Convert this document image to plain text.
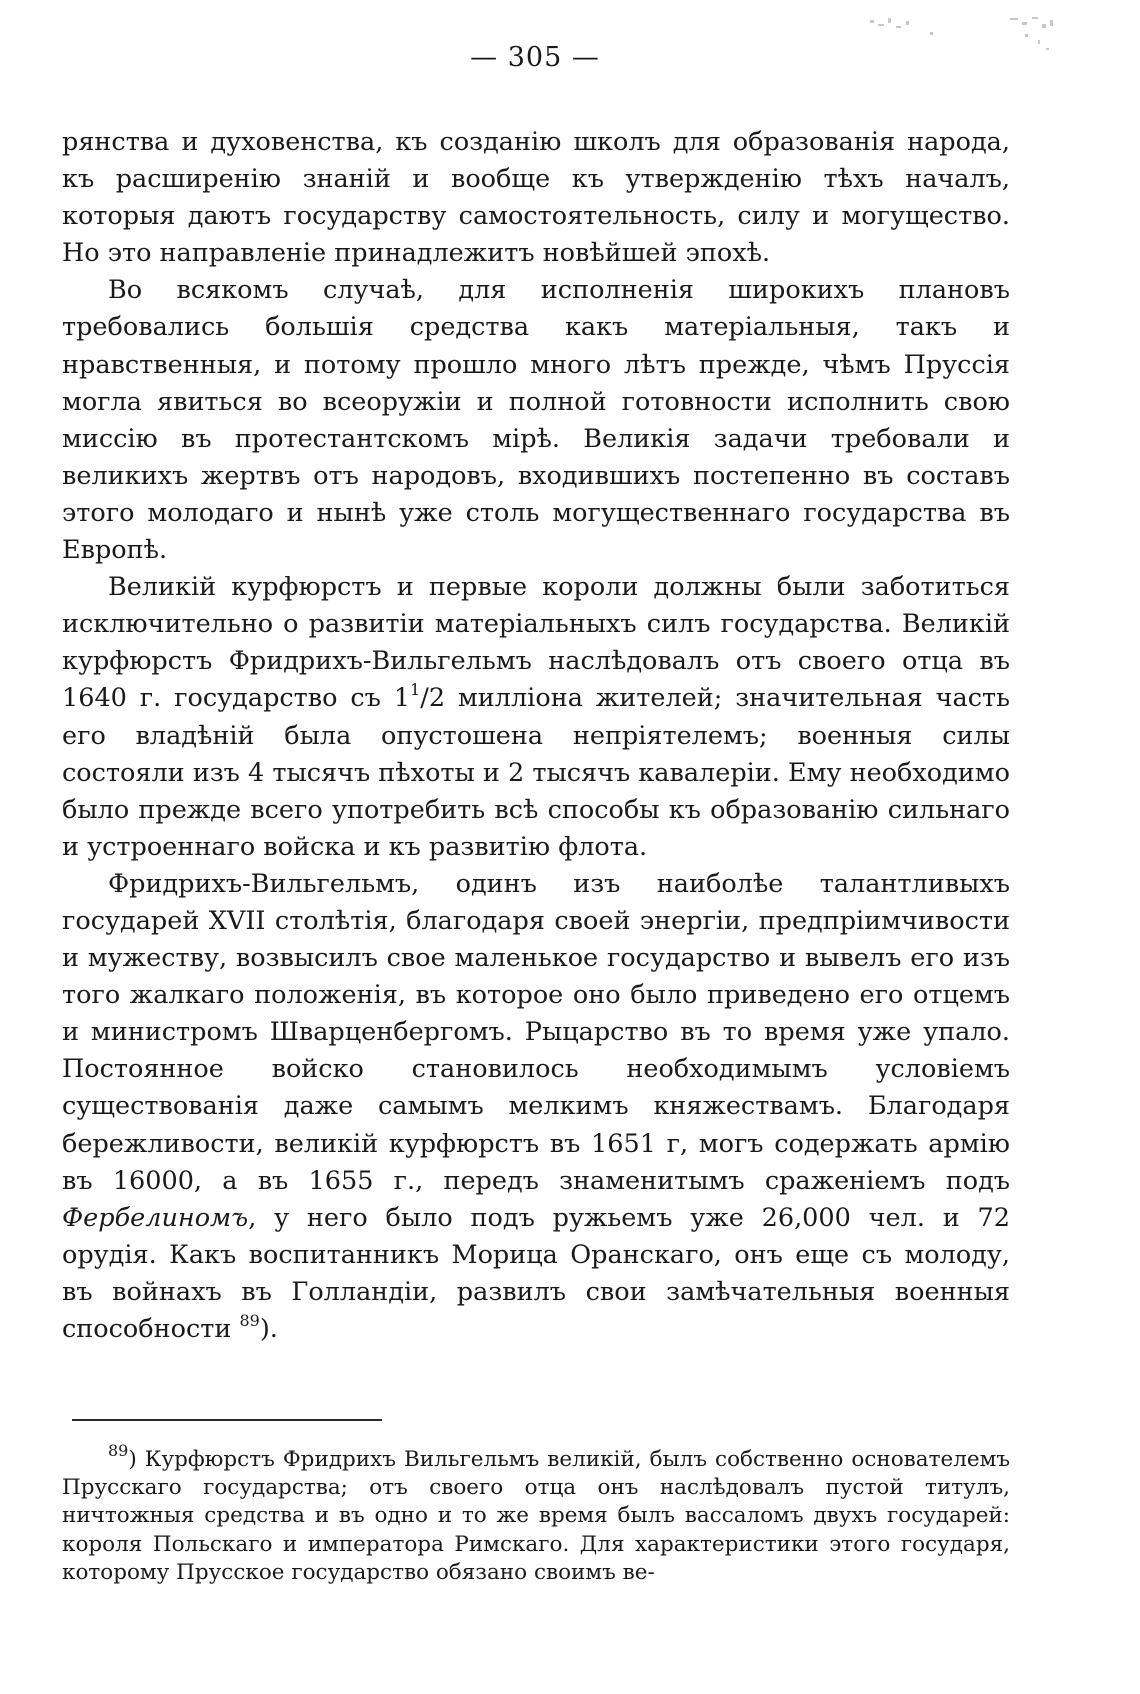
— 305 —

рянства и духовенства, къ созданію школъ для образованія народа, къ расширенію знаній и вообще къ утвержденію тѣхъ началъ, которыя даютъ государству самостоятельность, силу и могущество. Но это направленіе принадлежитъ новѣйшей эпохѣ.

Во всякомъ случаѣ, для исполненія широкихъ плановъ требовались большія средства какъ матеріальныя, такъ и нравственныя, и потому прошло много лѣтъ прежде, чѣмъ Пруссія могла явиться во всеоружіи и полной готовности исполнить свою миссію въ протестантскомъ мірѣ. Великія задачи требовали и великихъ жертвъ отъ народовъ, входившихъ постепенно въ составъ этого молодаго и нынѣ уже столь могущественнаго государства въ Европѣ.

Великій курфюрстъ и первые короли должны были заботиться исключительно о развитіи матеріальныхъ силъ государства. Великій курфюрстъ Фридрихъ-Вильгельмъ наслѣдовалъ отъ своего отца въ 1640 г. государство съ $1^1/2$ милліона жителей; значительная часть его владѣній была опустошена непріятелемъ; военныя силы состояли изъ 4 тысячъ пѣхоты и 2 тысячъ кавалеріи. Ему необходимо было прежде всего употребить всѣ способы къ образованію сильнаго и устроеннаго войска и къ развитію флота.

Фридрихъ-Вильгельмъ, одинъ изъ наиболѣе талантливыхъ государей XVII столѣтія, благодаря своей энергіи, предпріимчивости и мужеству, возвысилъ свое маленькое государство и вывелъ его изъ того жалкаго положенія, въ которое оно было приведено его отцемъ и министромъ Шварценбергомъ. Рыцарство въ то время уже упало. Постоянное войско становилось необходимымъ условіемъ существованія даже самымъ мелкимъ княжествамъ. Благодаря бережливости, великій курфюрстъ въ 1651 г, могъ содержать армію въ 16000, а въ 1655 г., передъ знаменитымъ сраженіемъ подъ Фербелиномъ, у него было подъ ружьемъ уже 26,000 чел. и 72 орудія. Какъ воспитанникъ Морица Оранскаго, онъ еще съ молоду, въ войнахъ въ Голландіи, развилъ свои замѣчательныя военныя способности $^{89}$).

$^{89}$) Курфюрстъ Фридрихъ Вильгельмъ великій, былъ собственно основателемъ Прусскаго государства; отъ своего отца онъ наслѣдовалъ пустой титулъ, ничтожныя средства и въ одно и то же время былъ вассаломъ двухъ государей: короля Польскаго и императора Римскаго. Для характеристики этого государя, которому Прусское государство обязано своимъ ве-
